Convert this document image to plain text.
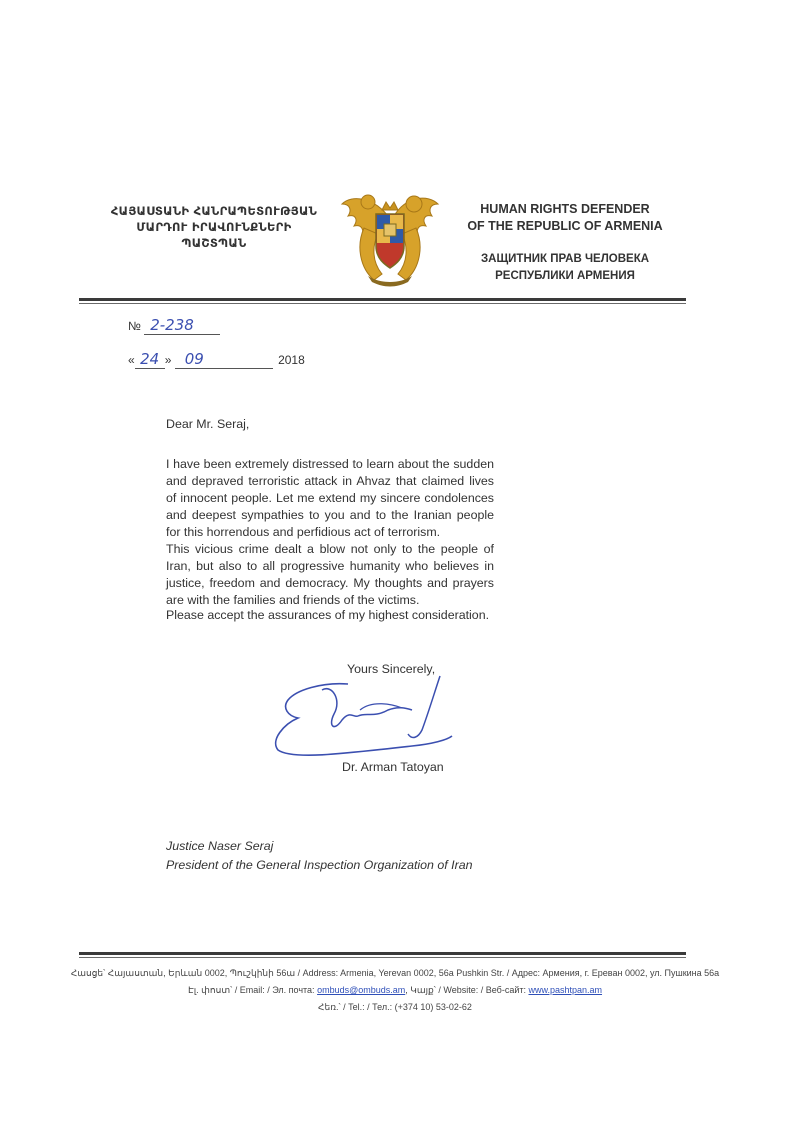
ՀԱՅԱՍՏԱՆԻ ՀԱՆՐԱՊԵՏՈՒԹՅԱՆ
ՄԱՐԴՈՒ ԻՐԱՎՈՒՆՔՆԵՐԻ
ՊԱՇՏՊԱՆ
HUMAN RIGHTS DEFENDER
OF THE REPUBLIC OF ARMENIA
ЗАЩИТНИК ПРАВ ЧЕЛОВЕКА
РЕСПУБЛИКИ АРМЕНИЯ
№ 2-238
« 24 » 09	2018
Dear Mr. Seraj,

I have been extremely distressed to learn about the sudden and depraved terroristic attack in Ahvaz that claimed lives of innocent people. Let me extend my sincere condolences and deepest sympathies to you and to the Iranian people for this horrendous and perfidious act of terrorism.

This vicious crime dealt a blow not only to the people of Iran, but also to all progressive humanity who believes in justice, freedom and democracy. My thoughts and prayers are with the families and friends of the victims.

Please accept the assurances of my highest consideration.

Yours Sincerely,
Dr. Arman Tatoyan
Justice Naser Seraj
President of the General Inspection Organization of Iran
Հասցե՝ Հայաստան, Երևան 0002, Պուշկինի 56ա / Address: Armenia, Yerevan 0002, 56a Pushkin Str. / Адрес: Армения, г. Ереван 0002, ул. Пушкина 56а
Էլ. փոստ՝ / Email: / Эл. почта: ombuds@ombuds.am, Կայք՝ / Website: / Веб-сайт: www.pashtpan.am
Հեռ.՝ / Tel.: / Тел.: (+374 10) 53-02-62
